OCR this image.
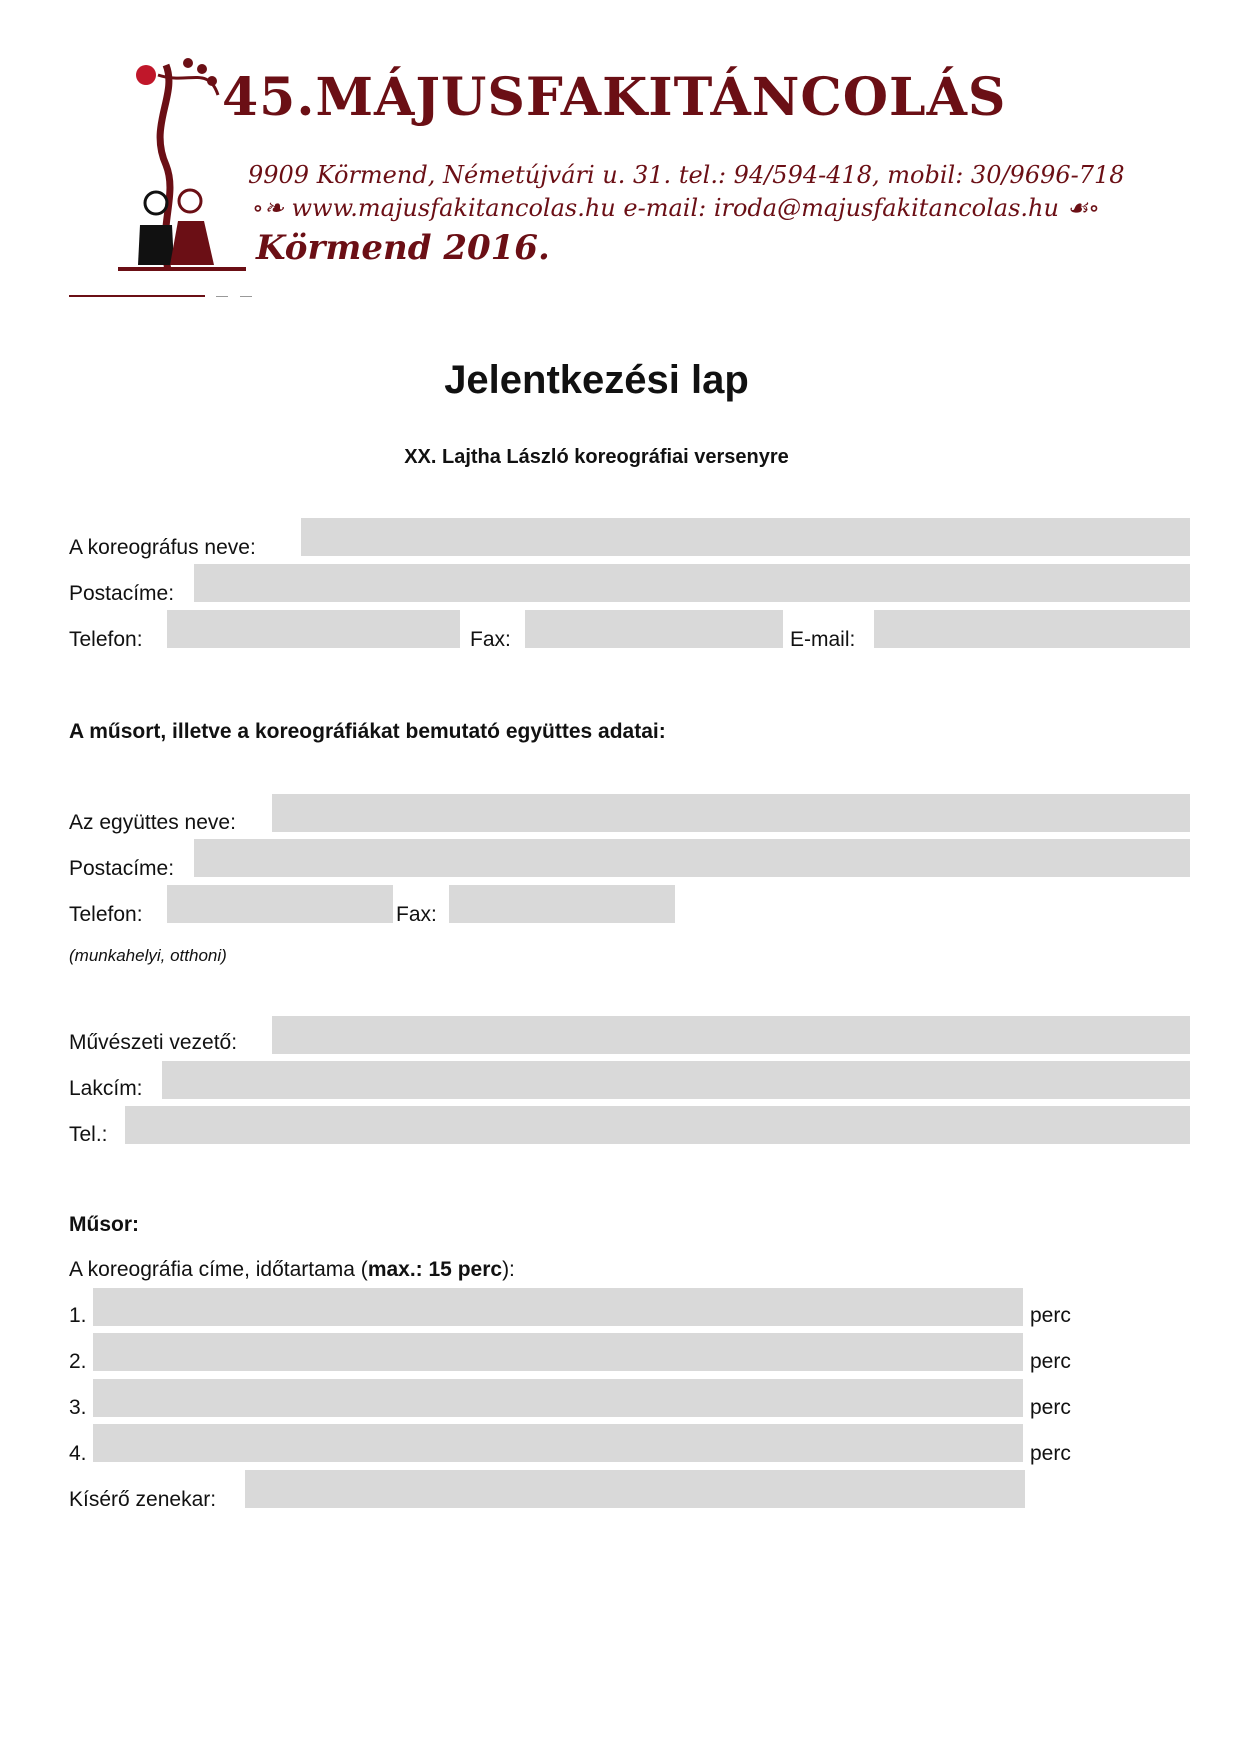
45.MÁJUSFAKITÁNCOLÁS
9909 Körmend, Németújvári u. 31. tel.: 94/594-418, mobil: 30/9696-718
∘❧ www.majusfakitancolas.hu e-mail: iroda@majusfakitancolas.hu ☙∘
Körmend 2016.
Jelentkezési lap
XX. Lajtha László koreográfiai versenyre
A koreográfus neve:
Postacíme:
Telefon:	Fax:	E-mail:
A műsort, illetve a koreográfiákat bemutató együttes adatai:
Az együttes neve:
Postacíme:
Telefon:	Fax:
(munkahelyi, otthoni)
Művészeti vezető:
Lakcím:
Tel.:
Műsor:
A koreográfia címe, időtartama (max.: 15 perc):
1.	perc
2.	perc
3.	perc
4.	perc
Kísérő zenekar:
